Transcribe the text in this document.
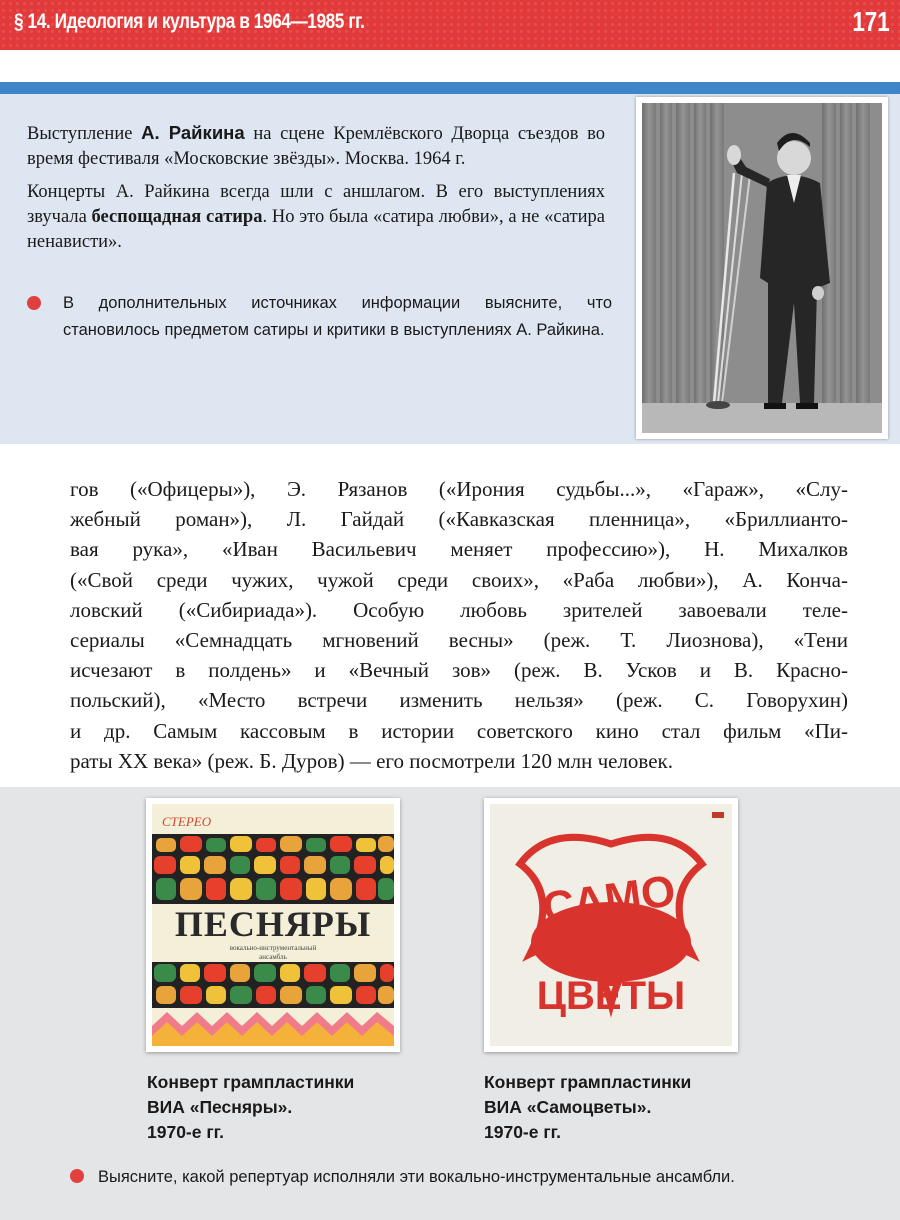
§ 14. Идеология и культура в 1964—1985 гг.	171

Выступление А. Райкина на сцене Кремлёвского Дворца съездов во время фестиваля «Московские звёзды». Москва. 1964 г.

Концерты А. Райкина всегда шли с аншлагом. В его выступлениях звучала беспощадная сатира. Но это была «сатира любви», а не «сатира ненависти».

В дополнительных источниках информации выясните, что становилось предметом сатиры и критики в выступлениях А. Райкина.
гов («Офицеры»), Э. Рязанов («Ирония судьбы...», «Гараж», «Слу-
жебный роман»), Л. Гайдай («Кавказская пленница», «Бриллианто-
вая рука», «Иван Васильевич меняет профессию»), Н. Михалков
(«Свой среди чужих, чужой среди своих», «Раба любви»), А. Конча-
ловский («Сибириада»). Особую любовь зрителей завоевали теле-
сериалы «Семнадцать мгновений весны» (реж. Т. Лиознова), «Тени
исчезают в полдень» и «Вечный зов» (реж. В. Усков и В. Красно-
польский), «Место встречи изменить нельзя» (реж. С. Говорухин)
и др. Самым кассовым в истории советского кино стал фильм «Пи-
раты XX века» (реж. Б. Дуров) — его посмотрели 120 млн человек.
СТЕРЕО
ПЕСНЯРЫ
вокально-инструментальный
ансамбль
Конверт грампластинки
ВИА «Песняры».
1970-е гг.
САМО
ЦВЕТЫ
Конверт грампластинки
ВИА «Самоцветы».
1970-е гг.
Выясните, какой репертуар исполняли эти вокально-инструментальные ансамбли.
